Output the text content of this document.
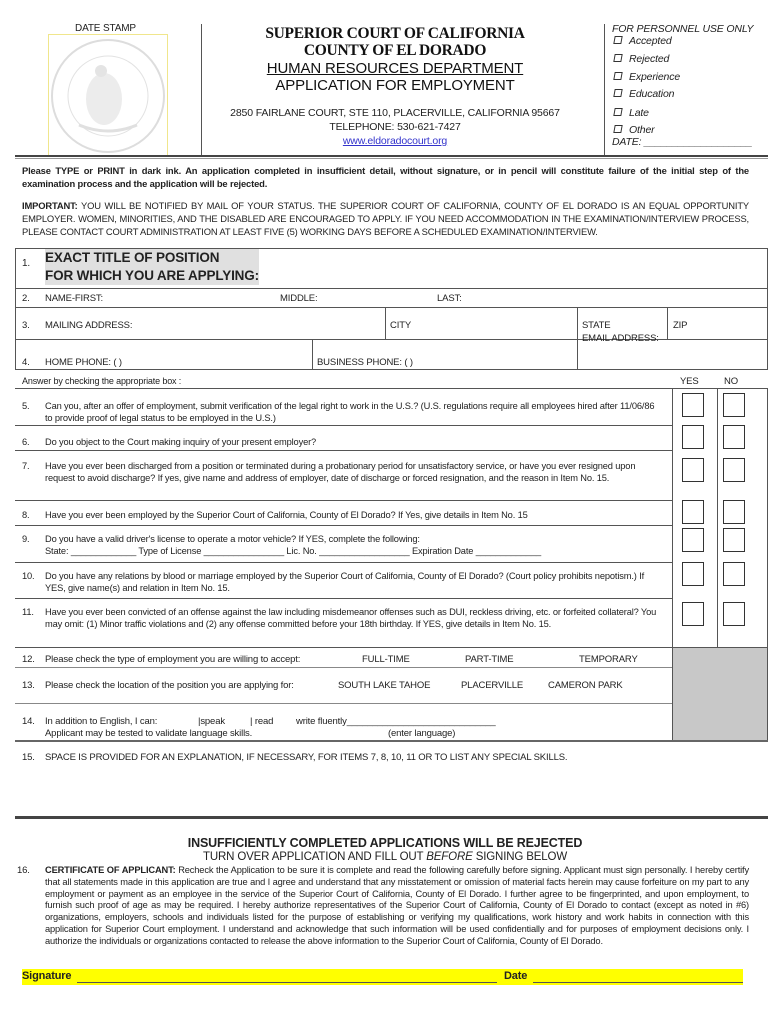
DATE STAMP	SUPERIOR COURT OF CALIFORNIA
COUNTY OF EL DORADO
HUMAN RESOURCES DEPARTMENT
APPLICATION FOR EMPLOYMENT
2850 FAIRLANE COURT, STE 110, PLACERVILLE, CALIFORNIA 95667
TELEPHONE: 530-621-7427
www.eldoradocourt.org
FOR PERSONNEL USE ONLY
Accepted
Rejected
Experience
Education
Late
Other
DATE: ___________________
Please TYPE or PRINT in dark ink. An application completed in insufficient detail, without signature, or in pencil will constitute failure of the initial step of the examination process and the application will be rejected.
IMPORTANT: YOU WILL BE NOTIFIED BY MAIL OF YOUR STATUS. THE SUPERIOR COURT OF CALIFORNIA, COUNTY OF EL DORADO IS AN EQUAL OPPORTUNITY EMPLOYER. WOMEN, MINORITIES, AND THE DISABLED ARE ENCOURAGED TO APPLY. IF YOU NEED ACCOMMODATION IN THE EXAMINATION/INTERVIEW PROCESS, PLEASE CONTACT COURT ADMINISTRATION AT LEAST FIVE (5) WORKING DAYS BEFORE A SCHEDULED EXAMINATION/INTERVIEW.
1. EXACT TITLE OF POSITION
FOR WHICH YOU ARE APPLYING:
2. NAME-FIRST:	MIDDLE:	LAST:
3. MAILING ADDRESS:	CITY	STATE	ZIP
EMAIL ADDRESS:
4. HOME PHONE: ( )	BUSINESS PHONE: ( )
Answer by checking the appropriate box :	YES	NO
5. Can you, after an offer of employment, submit verification of the legal right to work in the U.S.? (U.S. regulations require all employees hired after 11/06/86 to provide proof of legal status to be employed in the U.S.)
6. Do you object to the Court making inquiry of your present employer?
7. Have you ever been discharged from a position or terminated during a probationary period for unsatisfactory service, or have you ever resigned upon request to avoid discharge? If yes, give name and address of employer, date of discharge or forced resignation, and the reason in Item No. 15.
8. Have you ever been employed by the Superior Court of California, County of El Dorado? If Yes, give details in Item No. 15
9. Do you have a valid driver's license to operate a motor vehicle? If YES, complete the following:
State: _____________ Type of License ________________ Lic. No. __________________ Expiration Date _____________
10. Do you have any relations by blood or marriage employed by the Superior Court of California, County of El Dorado? (Court policy prohibits nepotism.) If YES, give name(s) and relation in Item No. 15.
11. Have you ever been convicted of an offense against the law including misdemeanor offenses such as DUI, reckless driving, etc. or forfeited collateral? You may omit: (1) Minor traffic violations and (2) any offense committed before your 18th birthday. If YES, give details in Item No. 15.
12. Please check the type of employment you are willing to accept:	FULL-TIME	PART-TIME	TEMPORARY
13. Please check the location of the position you are applying for:	SOUTH LAKE TAHOE	PLACERVILLE	CAMERON PARK
14. In addition to English, I can:	|speak	| read write fluently_____________________________
Applicant may be tested to validate language skills.	(enter language)
15. SPACE IS PROVIDED FOR AN EXPLANATION, IF NECESSARY, FOR ITEMS 7, 8, 10, 11 OR TO LIST ANY SPECIAL SKILLS.
INSUFFICIENTLY COMPLETED APPLICATIONS WILL BE REJECTED
TURN OVER APPLICATION AND FILL OUT BEFORE SIGNING BELOW
16. CERTIFICATE OF APPLICANT: Recheck the Application to be sure it is complete and read the following carefully before signing. Applicant must sign personally. I hereby certify that all statements made in this application are true and I agree and understand that any misstatement or omission of material facts herein may cause forfeiture on my part to any employment or payment as an employee in the service of the Superior Court of California, County of El Dorado. I further agree to be fingerprinted, and upon employment, to furnish such proof of age as may be required. I hereby authorize representatives of the Superior Court of California, County of El Dorado to contact (except as noted in #6) organizations, employers, schools and individuals listed for the purpose of establishing or verifying my qualifications, work history and work habits in connection with this application for Superior Court employment. I understand and acknowledge that such information will be used confidentially and for purposes of employment decisions only. I authorize the individuals or organizations contacted to release the above information to the Superior Court of California, County of El Dorado.
Signature	Date
